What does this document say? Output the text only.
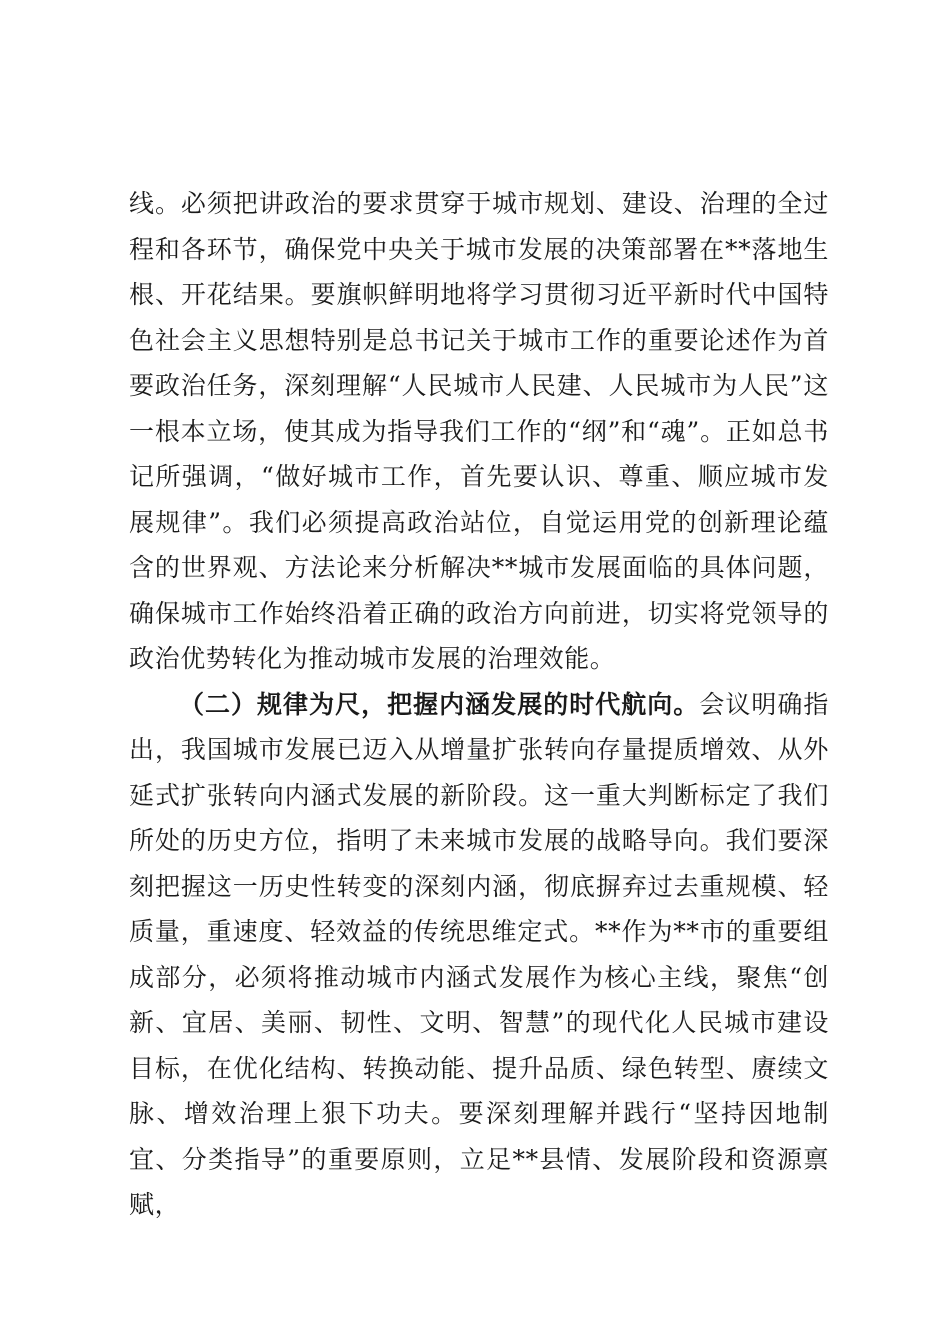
线。必须把讲政治的要求贯穿于城市规划、建设、治理的全过程和各环节，确保党中央关于城市发展的决策部署在**落地生根、开花结果。要旗帜鲜明地将学习贯彻习近平新时代中国特色社会主义思想特别是总书记关于城市工作的重要论述作为首要政治任务，深刻理解“人民城市人民建、人民城市为人民”这一根本立场，使其成为指导我们工作的“纲”和“魂”。正如总书记所强调，“做好城市工作，首先要认识、尊重、顺应城市发展规律”。我们必须提高政治站位，自觉运用党的创新理论蕴含的世界观、方法论来分析解决**城市发展面临的具体问题，确保城市工作始终沿着正确的政治方向前进，切实将党领导的政治优势转化为推动城市发展的治理效能。

（二）规律为尺，把握内涵发展的时代航向。会议明确指出，我国城市发展已迈入从增量扩张转向存量提质增效、从外延式扩张转向内涵式发展的新阶段。这一重大判断标定了我们所处的历史方位，指明了未来城市发展的战略导向。我们要深刻把握这一历史性转变的深刻内涵，彻底摒弃过去重规模、轻质量，重速度、轻效益的传统思维定式。**作为**市的重要组成部分，必须将推动城市内涵式发展作为核心主线，聚焦“创新、宜居、美丽、韧性、文明、智慧”的现代化人民城市建设目标，在优化结构、转换动能、提升品质、绿色转型、赓续文脉、增效治理上狠下功夫。要深刻理解并践行“坚持因地制宜、分类指导”的重要原则，立足**县情、发展阶段和资源禀赋，
